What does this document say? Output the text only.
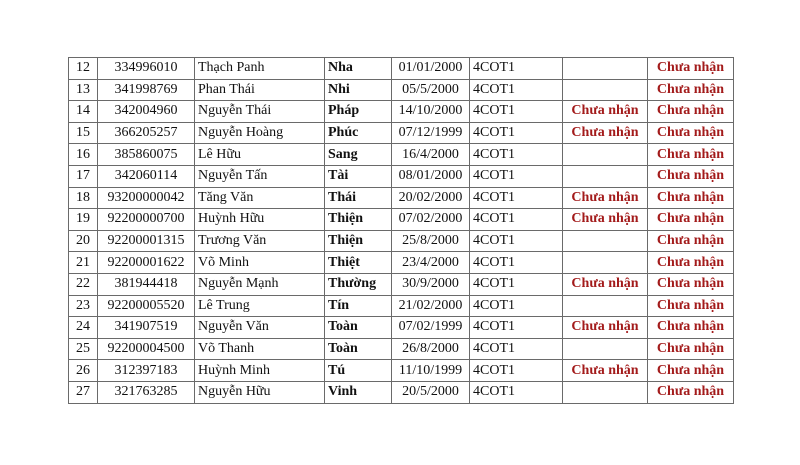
12	334996010	Thạch Panh	Nha	01/01/2000	4COT1		Chưa nhận
13	341998769	Phan Thái	Nhi	05/5/2000	4COT1		Chưa nhận
14	342004960	Nguyễn Thái	Pháp	14/10/2000	4COT1	Chưa nhận	Chưa nhận
15	366205257	Nguyễn Hoàng	Phúc	07/12/1999	4COT1	Chưa nhận	Chưa nhận
16	385860075	Lê Hữu	Sang	16/4/2000	4COT1		Chưa nhận
17	342060114	Nguyễn Tấn	Tài	08/01/2000	4COT1		Chưa nhận
18	93200000042	Tăng Văn	Thái	20/02/2000	4COT1	Chưa nhận	Chưa nhận
19	92200000700	Huỳnh Hữu	Thiện	07/02/2000	4COT1	Chưa nhận	Chưa nhận
20	92200001315	Trương Văn	Thiện	25/8/2000	4COT1		Chưa nhận
21	92200001622	Võ Minh	Thiệt	23/4/2000	4COT1		Chưa nhận
22	381944418	Nguyễn Mạnh	Thường	30/9/2000	4COT1	Chưa nhận	Chưa nhận
23	92200005520	Lê Trung	Tín	21/02/2000	4COT1		Chưa nhận
24	341907519	Nguyễn Văn	Toàn	07/02/1999	4COT1	Chưa nhận	Chưa nhận
25	92200004500	Võ Thanh	Toàn	26/8/2000	4COT1		Chưa nhận
26	312397183	Huỳnh Minh	Tú	11/10/1999	4COT1	Chưa nhận	Chưa nhận
27	321763285	Nguyễn Hữu	Vinh	20/5/2000	4COT1		Chưa nhận
